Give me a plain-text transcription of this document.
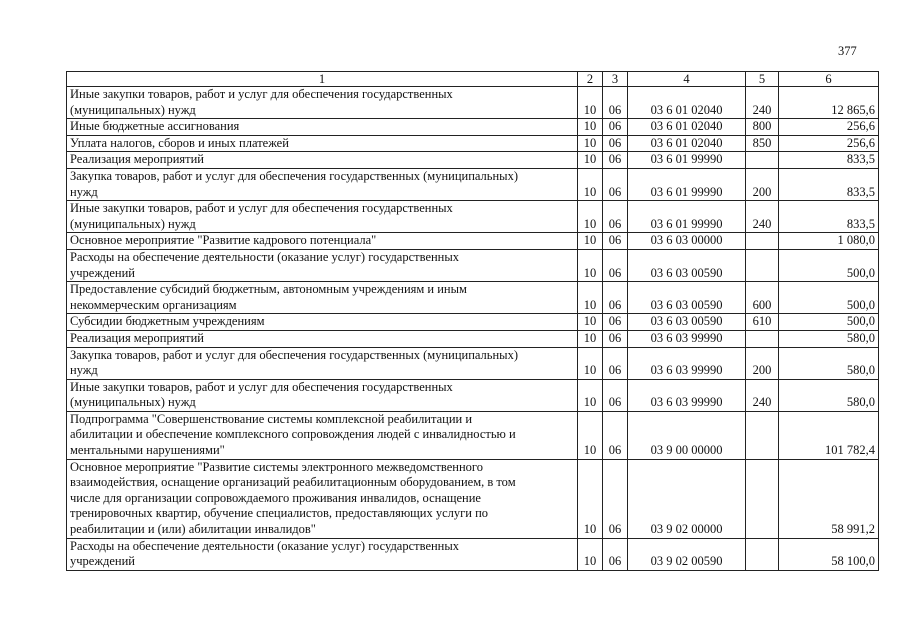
377
1	2	3	4	5	6
Иные закупки товаров, работ и услуг для обеспечения государственных
(муниципальных) нужд	10	06	03 6 01 02040	240	12 865,6
Иные бюджетные ассигнования	10	06	03 6 01 02040	800	256,6
Уплата налогов, сборов и иных платежей	10	06	03 6 01 02040	850	256,6
Реализация мероприятий	10	06	03 6 01 99990		833,5
Закупка товаров, работ и услуг для обеспечения государственных (муниципальных)
нужд	10	06	03 6 01 99990	200	833,5
Иные закупки товаров, работ и услуг для обеспечения государственных
(муниципальных) нужд	10	06	03 6 01 99990	240	833,5
Основное мероприятие "Развитие кадрового потенциала"	10	06	03 6 03 00000		1 080,0
Расходы на обеспечение деятельности (оказание услуг) государственных
учреждений	10	06	03 6 03 00590		500,0
Предоставление субсидий бюджетным, автономным учреждениям и иным
некоммерческим организациям	10	06	03 6 03 00590	600	500,0
Субсидии бюджетным учреждениям	10	06	03 6 03 00590	610	500,0
Реализация мероприятий	10	06	03 6 03 99990		580,0
Закупка товаров, работ и услуг для обеспечения государственных (муниципальных)
нужд	10	06	03 6 03 99990	200	580,0
Иные закупки товаров, работ и услуг для обеспечения государственных
(муниципальных) нужд	10	06	03 6 03 99990	240	580,0
Подпрограмма "Совершенствование системы комплексной реабилитации и
абилитации и обеспечение комплексного сопровождения людей с инвалидностью и
ментальными нарушениями"	10	06	03 9 00 00000		101 782,4
Основное мероприятие "Развитие системы электронного межведомственного
взаимодействия, оснащение организаций реабилитационным оборудованием, в том
числе для организации сопровождаемого проживания инвалидов, оснащение
тренировочных квартир, обучение специалистов, предоставляющих услуги по
реабилитации и (или) абилитации инвалидов"	10	06	03 9 02 00000		58 991,2
Расходы на обеспечение деятельности (оказание услуг) государственных
учреждений	10	06	03 9 02 00590		58 100,0
